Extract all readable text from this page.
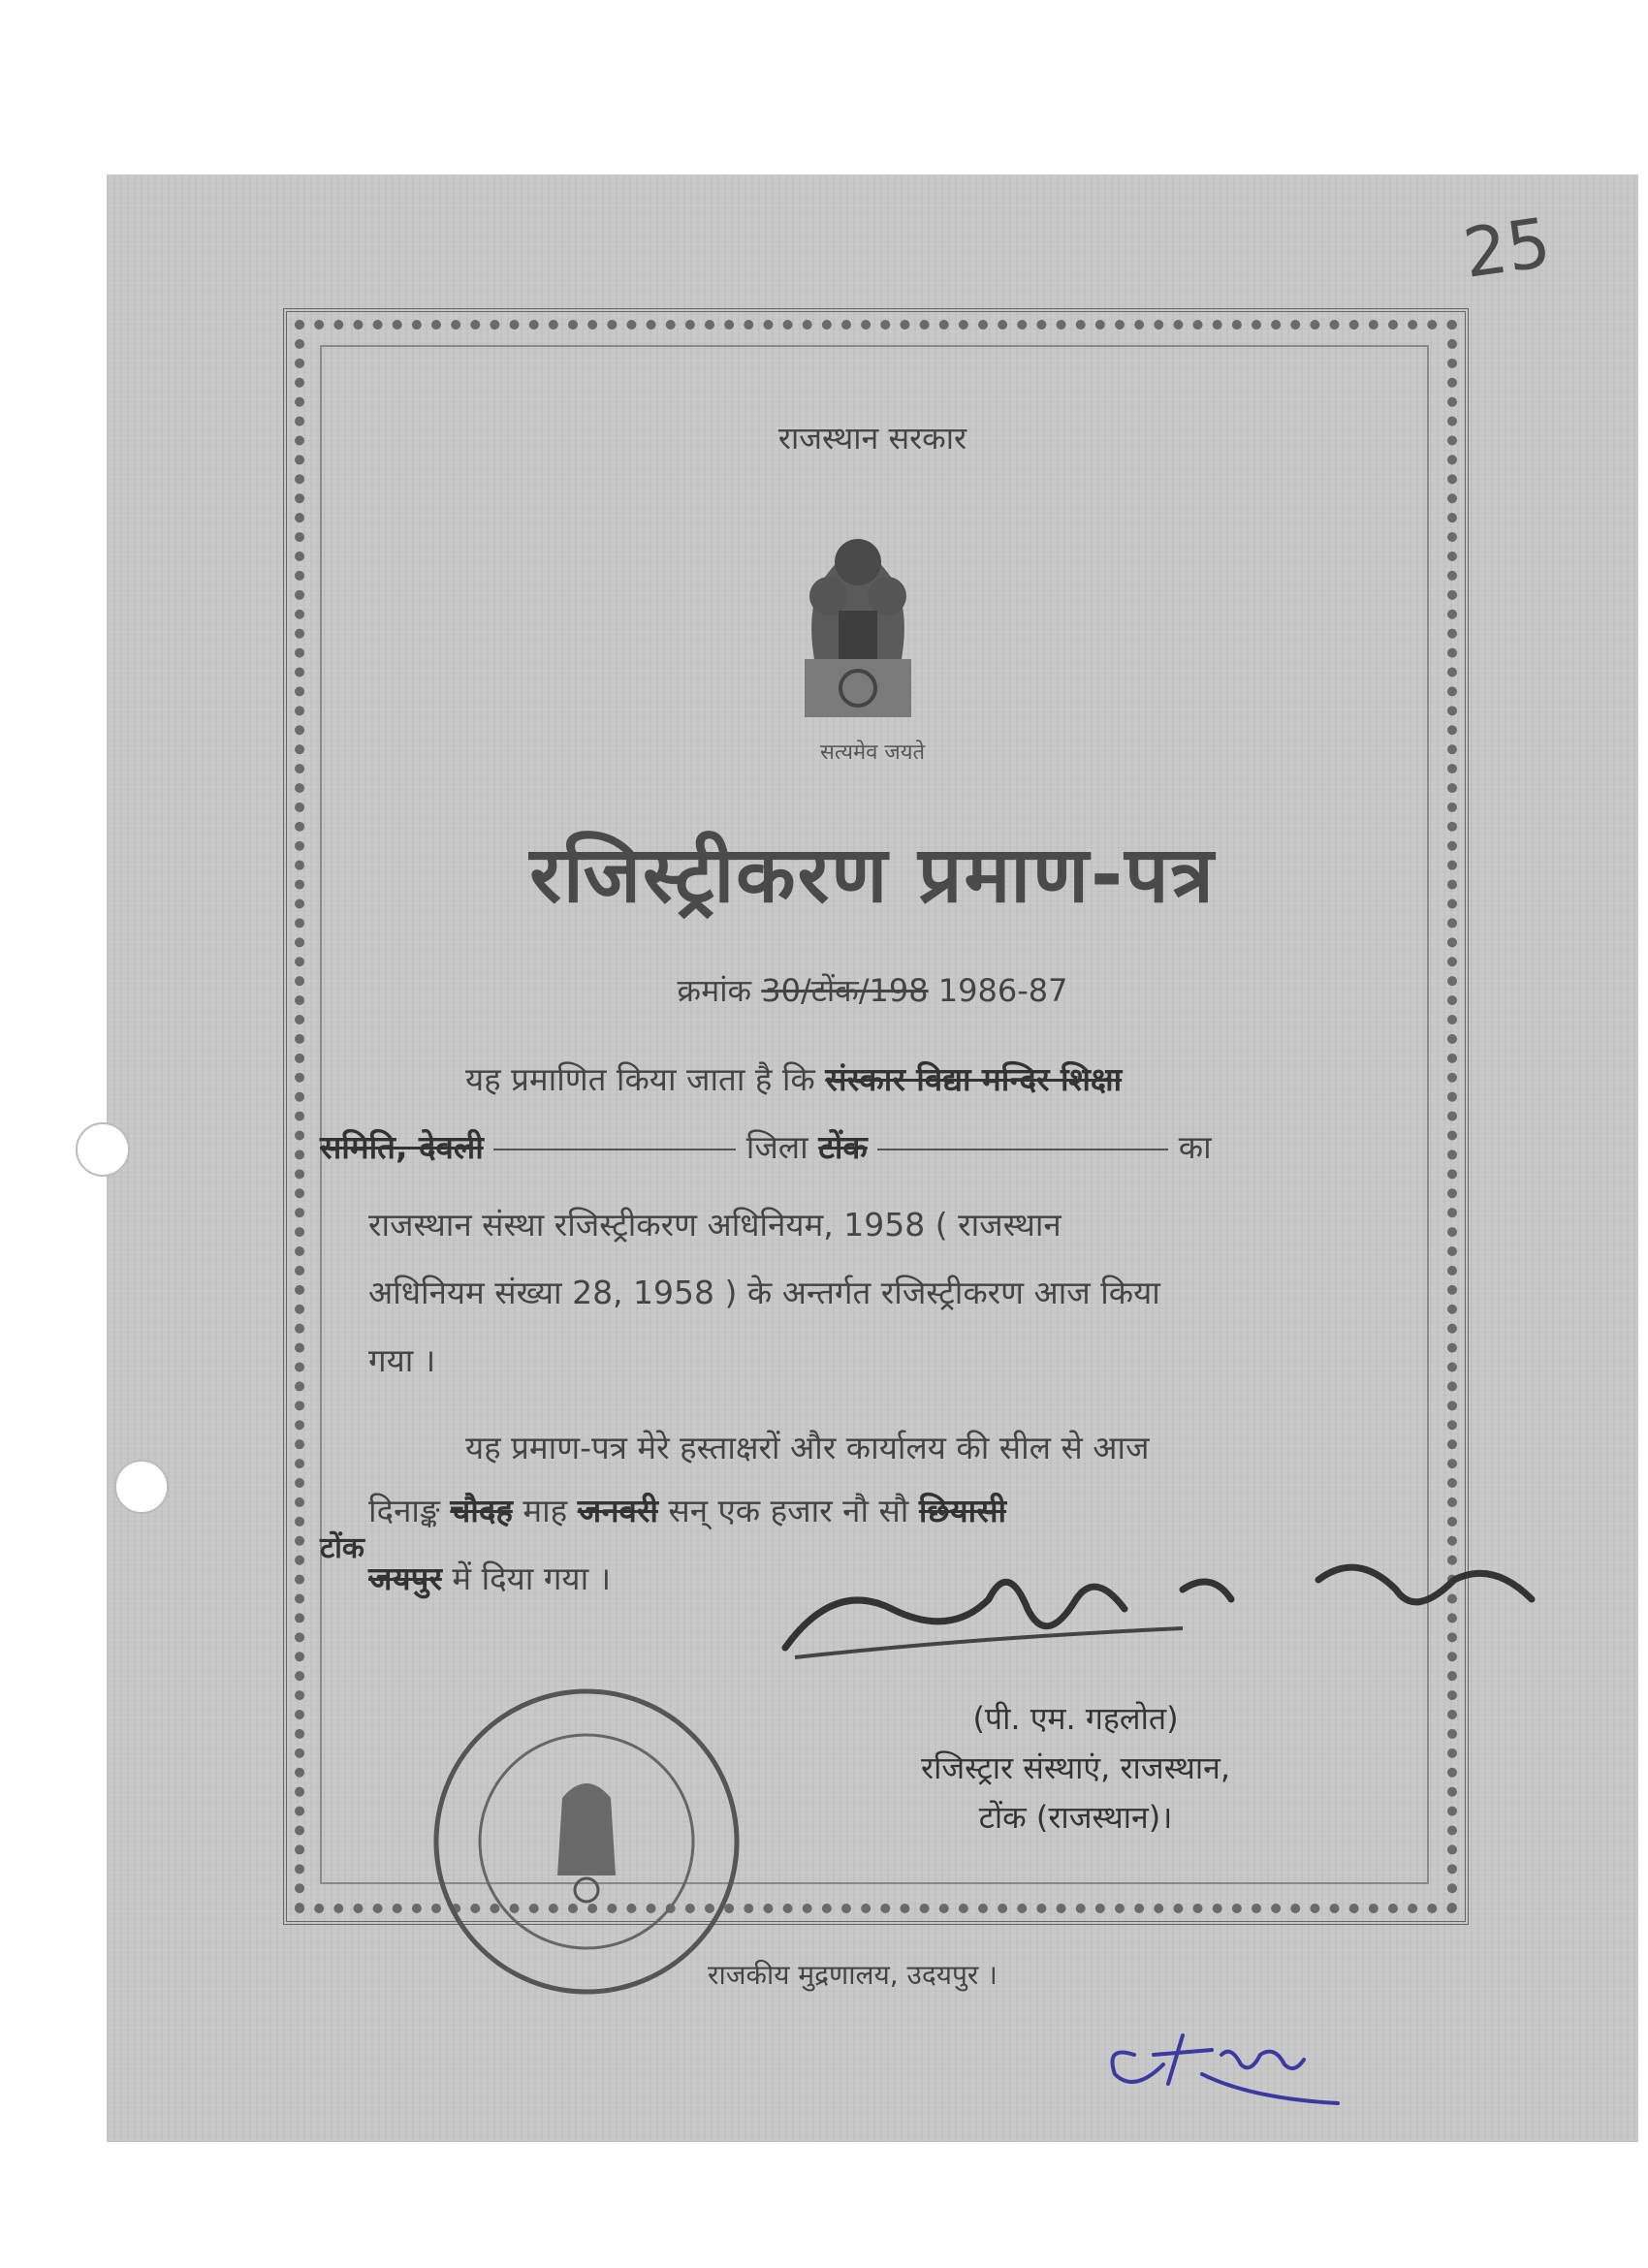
25
राजस्थान सरकार
सत्यमेव जयते
रजिस्ट्रीकरण प्रमाण-पत्र
क्रमांक 30/टोंक/198 1986-87
यह प्रमाणित किया जाता है कि संस्कार विद्या मन्दिर शिक्षा
समिति, देवली	जिला टोंक	का
राजस्थान संस्था रजिस्ट्रीकरण अधिनियम, 1958 ( राजस्थान
अधिनियम संख्या 28, 1958 ) के अन्तर्गत रजिस्ट्रीकरण आज किया
गया ।
यह प्रमाण-पत्र मेरे हस्ताक्षरों और कार्यालय की सील से आज
दिनाङ्क चौदह माह जनवरी सन् एक हजार नौ सौ छियासी
टोंक
जयपुर में दिया गया ।
(पी. एम. गहलोत)
रजिस्ट्रार संस्थाएं, राजस्थान,
टोंक (राजस्थान)।
राजकीय मुद्रणालय, उदयपुर ।
